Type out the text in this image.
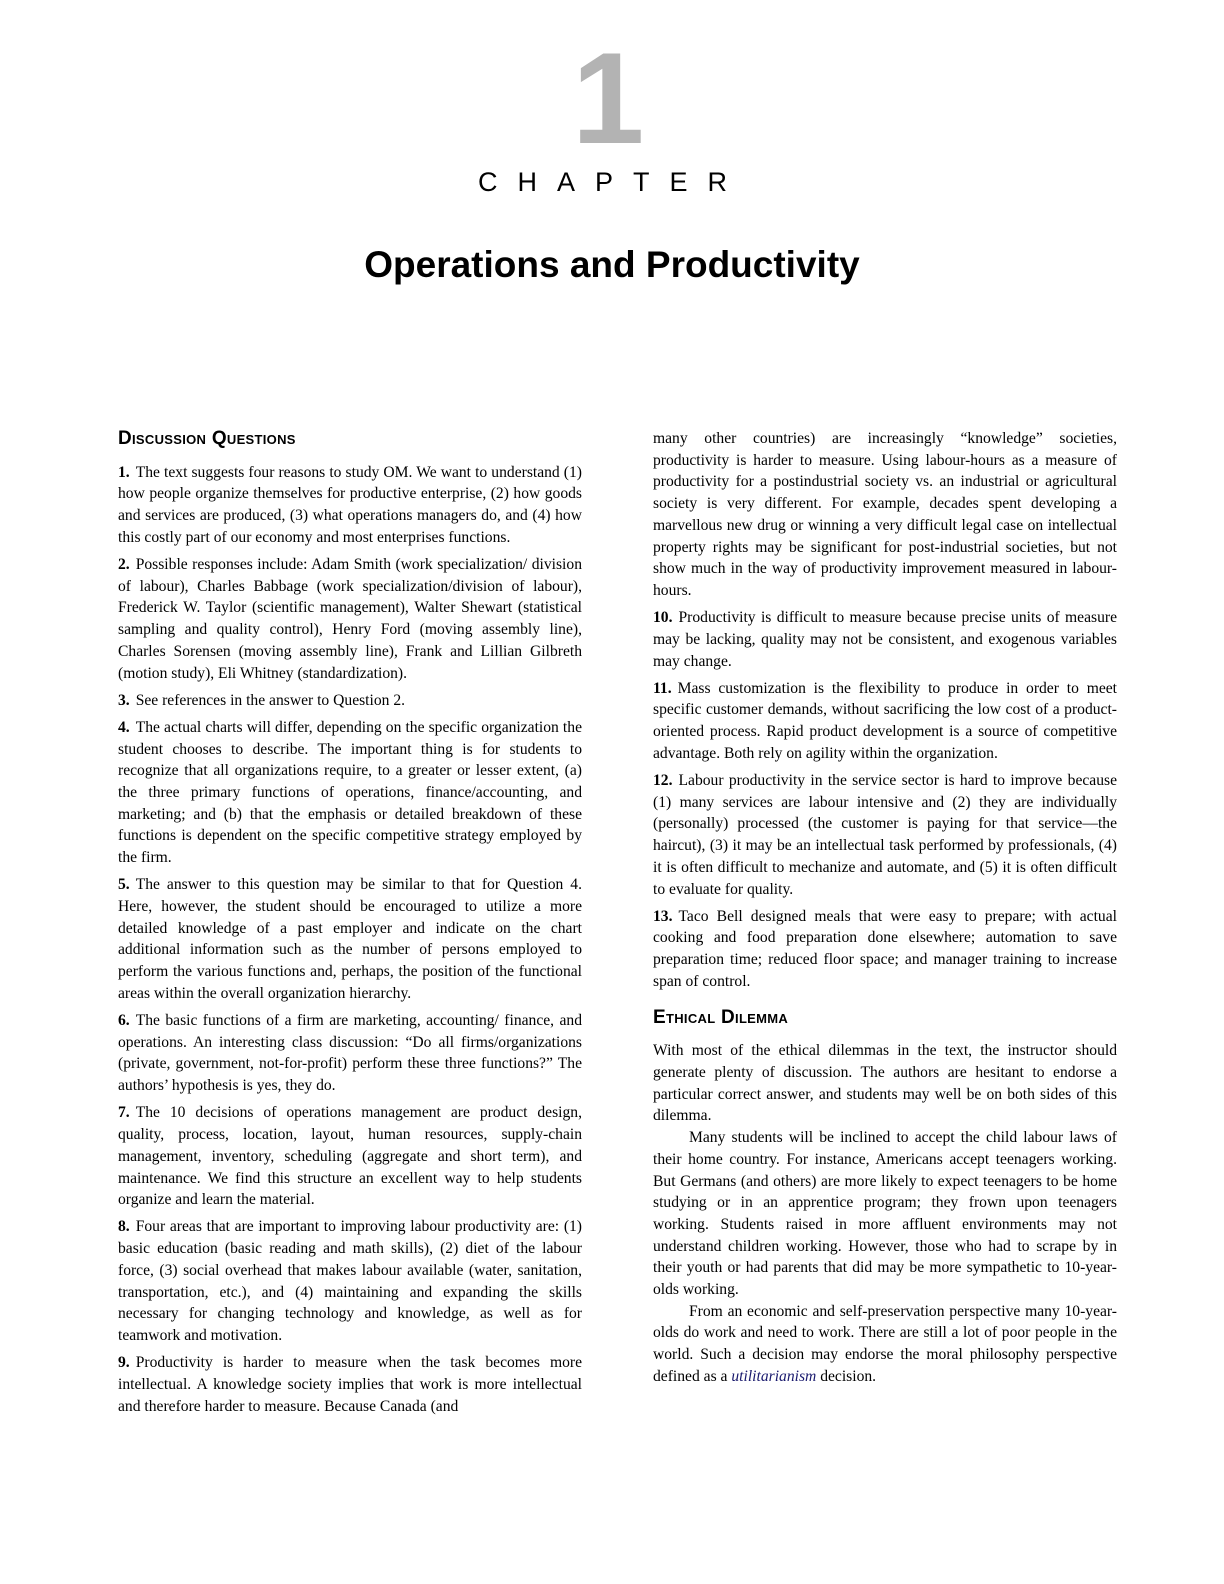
1
CHAPTER
Operations and Productivity
Discussion Questions

1. The text suggests four reasons to study OM. We want to understand (1) how people organize themselves for productive enterprise, (2) how goods and services are produced, (3) what operations managers do, and (4) how this costly part of our economy and most enterprises functions.

2. Possible responses include: Adam Smith (work specialization/ division of labour), Charles Babbage (work specialization/division of labour), Frederick W. Taylor (scientific management), Walter Shewart (statistical sampling and quality control), Henry Ford (moving assembly line), Charles Sorensen (moving assembly line), Frank and Lillian Gilbreth (motion study), Eli Whitney (standardization).

3. See references in the answer to Question 2.

4. The actual charts will differ, depending on the specific organization the student chooses to describe. The important thing is for students to recognize that all organizations require, to a greater or lesser extent, (a) the three primary functions of operations, finance/accounting, and marketing; and (b) that the emphasis or detailed breakdown of these functions is dependent on the specific competitive strategy employed by the firm.

5. The answer to this question may be similar to that for Question 4. Here, however, the student should be encouraged to utilize a more detailed knowledge of a past employer and indicate on the chart additional information such as the number of persons employed to perform the various functions and, perhaps, the position of the functional areas within the overall organization hierarchy.

6. The basic functions of a firm are marketing, accounting/ finance, and operations. An interesting class discussion: “Do all firms/organizations (private, government, not-for-profit) perform these three functions?” The authors’ hypothesis is yes, they do.

7. The 10 decisions of operations management are product design, quality, process, location, layout, human resources, supply-chain management, inventory, scheduling (aggregate and short term), and maintenance. We find this structure an excellent way to help students organize and learn the material.

8. Four areas that are important to improving labour productivity are: (1) basic education (basic reading and math skills), (2) diet of the labour force, (3) social overhead that makes labour available (water, sanitation, transportation, etc.), and (4) maintaining and expanding the skills necessary for changing technology and knowledge, as well as for teamwork and motivation.

9. Productivity is harder to measure when the task becomes more intellectual. A knowledge society implies that work is more intellectual and therefore harder to measure. Because Canada (and

many other countries) are increasingly “knowledge” societies, productivity is harder to measure. Using labour-hours as a measure of productivity for a postindustrial society vs. an industrial or agricultural society is very different. For example, decades spent developing a marvellous new drug or winning a very difficult legal case on intellectual property rights may be significant for post-industrial societies, but not show much in the way of productivity improvement measured in labour-hours.

10. Productivity is difficult to measure because precise units of measure may be lacking, quality may not be consistent, and exogenous variables may change.

11. Mass customization is the flexibility to produce in order to meet specific customer demands, without sacrificing the low cost of a product-oriented process. Rapid product development is a source of competitive advantage. Both rely on agility within the organization.

12. Labour productivity in the service sector is hard to improve because (1) many services are labour intensive and (2) they are individually (personally) processed (the customer is paying for that service—the haircut), (3) it may be an intellectual task performed by professionals, (4) it is often difficult to mechanize and automate, and (5) it is often difficult to evaluate for quality.

13. Taco Bell designed meals that were easy to prepare; with actual cooking and food preparation done elsewhere; automation to save preparation time; reduced floor space; and manager training to increase span of control.

Ethical Dilemma

With most of the ethical dilemmas in the text, the instructor should generate plenty of discussion. The authors are hesitant to endorse a particular correct answer, and students may well be on both sides of this dilemma.

Many students will be inclined to accept the child labour laws of their home country. For instance, Americans accept teenagers working. But Germans (and others) are more likely to expect teenagers to be home studying or in an apprentice program; they frown upon teenagers working. Students raised in more affluent environments may not understand children working. However, those who had to scrape by in their youth or had parents that did may be more sympathetic to 10-year-olds working.

From an economic and self-preservation perspective many 10-year-olds do work and need to work. There are still a lot of poor people in the world. Such a decision may endorse the moral philosophy perspective defined as a utilitarianism decision.
